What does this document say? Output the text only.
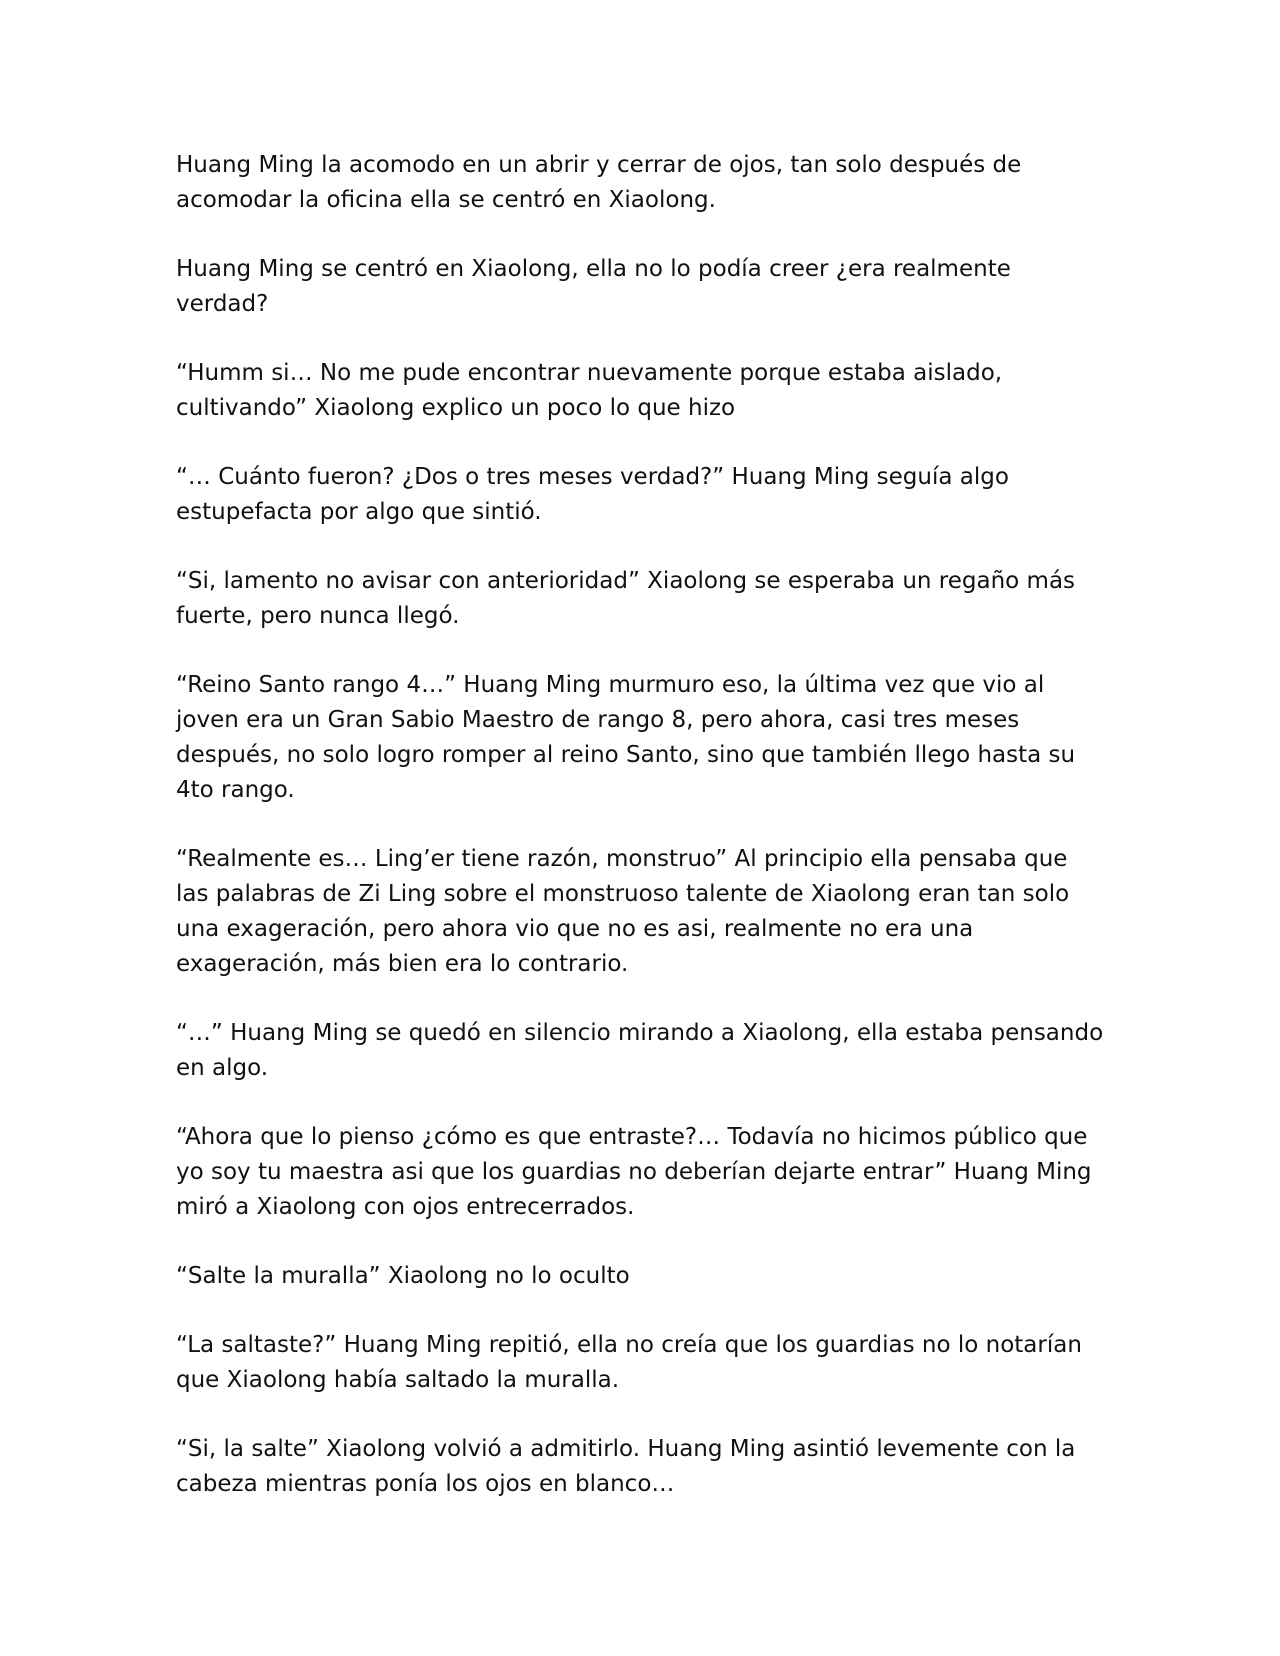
Huang Ming la acomodo en un abrir y cerrar de ojos, tan solo después de acomodar la oficina ella se centró en Xiaolong.

Huang Ming se centró en Xiaolong, ella no lo podía creer ¿era realmente verdad?

“Humm si… No me pude encontrar nuevamente porque estaba aislado, cultivando” Xiaolong explico un poco lo que hizo

“… Cuánto fueron? ¿Dos o tres meses verdad?” Huang Ming seguía algo estupefacta por algo que sintió.

“Si, lamento no avisar con anterioridad” Xiaolong se esperaba un regaño más fuerte, pero nunca llegó.

“Reino Santo rango 4…” Huang Ming murmuro eso, la última vez que vio al joven era un Gran Sabio Maestro de rango 8, pero ahora, casi tres meses después, no solo logro romper al reino Santo, sino que también llego hasta su 4to rango.

“Realmente es… Ling’er tiene razón, monstruo” Al principio ella pensaba que las palabras de Zi Ling sobre el monstruoso talente de Xiaolong eran tan solo una exageración, pero ahora vio que no es asi, realmente no era una exageración, más bien era lo contrario.

“…” Huang Ming se quedó en silencio mirando a Xiaolong, ella estaba pensando en algo.

“Ahora que lo pienso ¿cómo es que entraste?… Todavía no hicimos público que yo soy tu maestra asi que los guardias no deberían dejarte entrar” Huang Ming miró a Xiaolong con ojos entrecerrados.

“Salte la muralla” Xiaolong no lo oculto

“La saltaste?” Huang Ming repitió, ella no creía que los guardias no lo notarían que Xiaolong había saltado la muralla.

“Si, la salte” Xiaolong volvió a admitirlo. Huang Ming asintió levemente con la cabeza mientras ponía los ojos en blanco…
